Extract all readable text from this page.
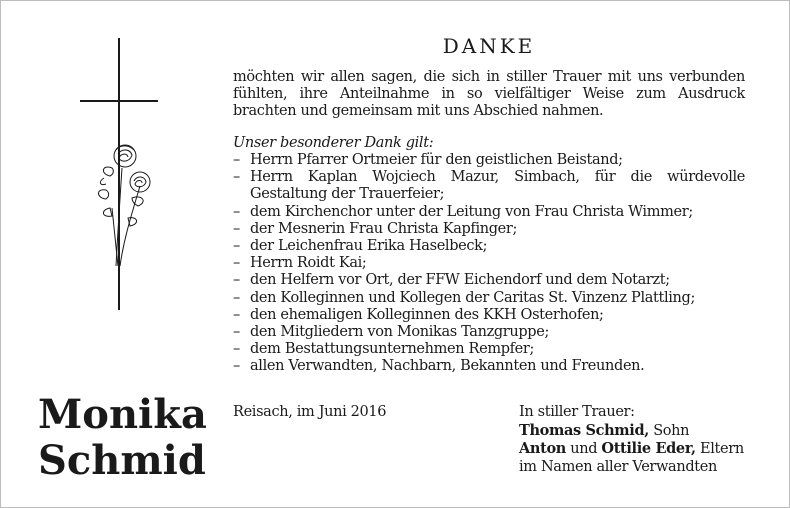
Monika
Schmid
DANKE
möchten wir allen sagen, die sich in stiller Trauer mit uns verbunden fühlten, ihre Anteilnahme in so vielfältiger Weise zum Ausdruck brachten und gemeinsam mit uns Abschied nahmen.
Unser besonderer Dank gilt:
– Herrn Pfarrer Ortmeier für den geistlichen Beistand;
– Herrn Kaplan Wojciech Mazur, Simbach, für die würdevolle Gestaltung der Trauerfeier;
– dem Kirchenchor unter der Leitung von Frau Christa Wimmer;
– der Mesnerin Frau Christa Kapfinger;
– der Leichenfrau Erika Haselbeck;
– Herrn Roidt Kai;
– den Helfern vor Ort, der FFW Eichendorf und dem Notarzt;
– den Kolleginnen und Kollegen der Caritas St. Vinzenz Plattling;
– den ehemaligen Kolleginnen des KKH Osterhofen;
– den Mitgliedern von Monikas Tanzgruppe;
– dem Bestattungsunternehmen Rempfer;
– allen Verwandten, Nachbarn, Bekannten und Freunden.
Reisach, im Juni 2016	In stiller Trauer:
Thomas Schmid, Sohn
Anton und Ottilie Eder, Eltern
im Namen aller Verwandten
